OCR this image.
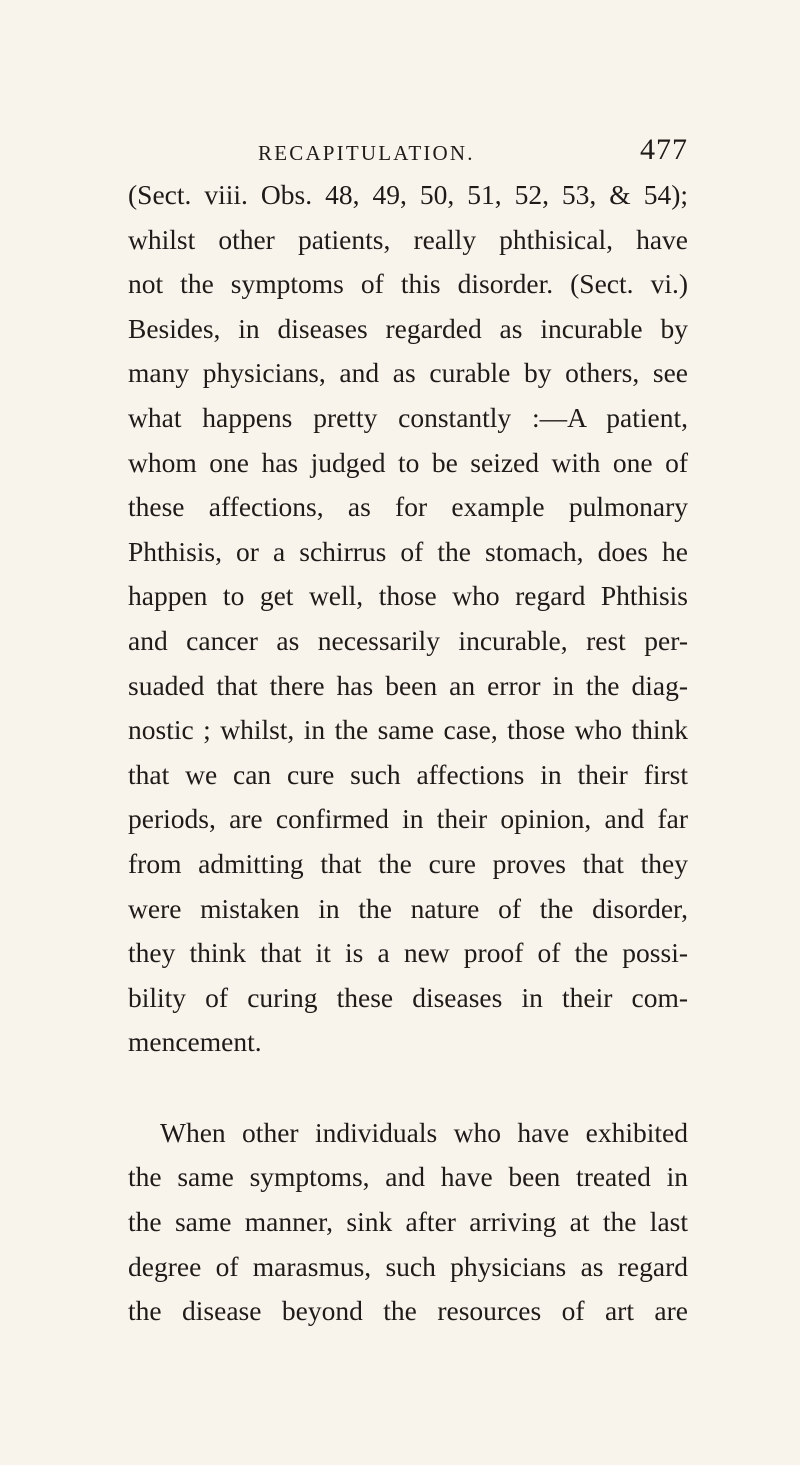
RECAPITULATION.	477
(Sect. viii. Obs. 48, 49, 50, 51, 52, 53, & 54);
whilst other patients, really phthisical, have
not the symptoms of this disorder. (Sect. vi.)
Besides, in diseases regarded as incurable by
many physicians, and as curable by others, see
what happens pretty constantly :—A patient,
whom one has judged to be seized with one of
these affections, as for example pulmonary
Phthisis, or a schirrus of the stomach, does he
happen to get well, those who regard Phthisis
and cancer as necessarily incurable, rest per-
suaded that there has been an error in the diag-
nostic ; whilst, in the same case, those who think
that we can cure such affections in their first
periods, are confirmed in their opinion, and far
from admitting that the cure proves that they
were mistaken in the nature of the disorder,
they think that it is a new proof of the possi-
bility of curing these diseases in their com-
mencement.
When other individuals who have exhibited
the same symptoms, and have been treated in
the same manner, sink after arriving at the last
degree of marasmus, such physicians as regard
the disease beyond the resources of art are
